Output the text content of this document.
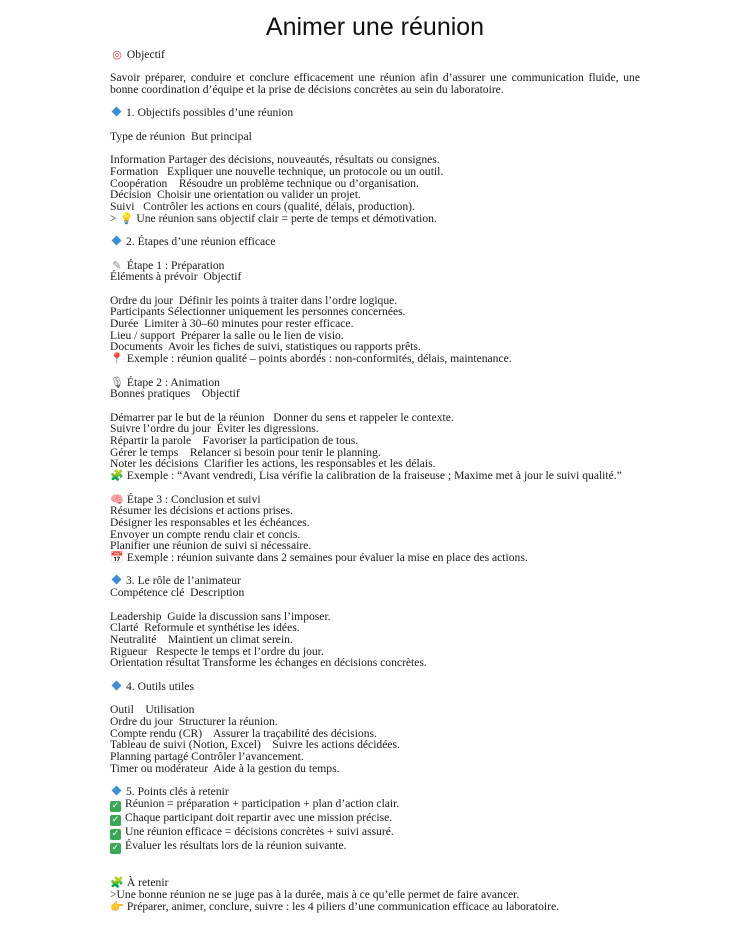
Animer une réunion
◎ Objectif
Savoir préparer, conduire et conclure efficacement une réunion afin d’assurer une communication fluide, une bonne coordination d’équipe et la prise de décisions concrètes au sein du laboratoire.
1. Objectifs possibles d’une réunion
Type de réunion  But principal
Information Partager des décisions, nouveautés, résultats ou consignes.
Formation   Expliquer une nouvelle technique, un protocole ou un outil.
Coopération    Résoudre un problème technique ou d’organisation.
Décision  Choisir une orientation ou valider un projet.
Suivi   Contrôler les actions en cours (qualité, délais, production).
> 💡 Une réunion sans objectif clair = perte de temps et démotivation.
2. Étapes d’une réunion efficace
✎ Étape 1 : Préparation
Éléments à prévoir  Objectif
Ordre du jour  Définir les points à traiter dans l’ordre logique.
Participants Sélectionner uniquement les personnes concernées.
Durée  Limiter à 30–60 minutes pour rester efficace.
Lieu / support  Préparer la salle ou le lien de visio.
Documents  Avoir les fiches de suivi, statistiques ou rapports prêts.
📍 Exemple : réunion qualité – points abordés : non-conformités, délais, maintenance.
🎙 Étape 2 : Animation
Bonnes pratiques    Objectif
Démarrer par le but de la réunion   Donner du sens et rappeler le contexte.
Suivre l’ordre du jour  Éviter les digressions.
Répartir la parole    Favoriser la participation de tous.
Gérer le temps    Relancer si besoin pour tenir le planning.
Noter les décisions  Clarifier les actions, les responsables et les délais.
🧩 Exemple : “Avant vendredi, Lisa vérifie la calibration de la fraiseuse ; Maxime met à jour le suivi qualité.”
🧠 Étape 3 : Conclusion et suivi
Résumer les décisions et actions prises.
Désigner les responsables et les échéances.
Envoyer un compte rendu clair et concis.
Planifier une réunion de suivi si nécessaire.
📅 Exemple : réunion suivante dans 2 semaines pour évaluer la mise en place des actions.
3. Le rôle de l’animateur
Compétence clé  Description
Leadership  Guide la discussion sans l’imposer.
Clarté  Reformule et synthétise les idées.
Neutralité    Maintient un climat serein.
Rigueur   Respecte le temps et l’ordre du jour.
Orientation résultat Transforme les échanges en décisions concrètes.
4. Outils utiles
Outil    Utilisation
Ordre du jour  Structurer la réunion.
Compte rendu (CR)    Assurer la traçabilité des décisions.
Tableau de suivi (Notion, Excel)    Suivre les actions décidées.
Planning partagé Contrôler l’avancement.
Timer ou modérateur  Aide à la gestion du temps.
5. Points clés à retenir
✓ Réunion = préparation + participation + plan d’action clair.
✓ Chaque participant doit repartir avec une mission précise.
✓ Une réunion efficace = décisions concrètes + suivi assuré.
✓ Évaluer les résultats lors de la réunion suivante.
🧩 À retenir
>Une bonne réunion ne se juge pas à la durée, mais à ce qu’elle permet de faire avancer.
👉 Préparer, animer, conclure, suivre : les 4 piliers d’une communication efficace au laboratoire.
